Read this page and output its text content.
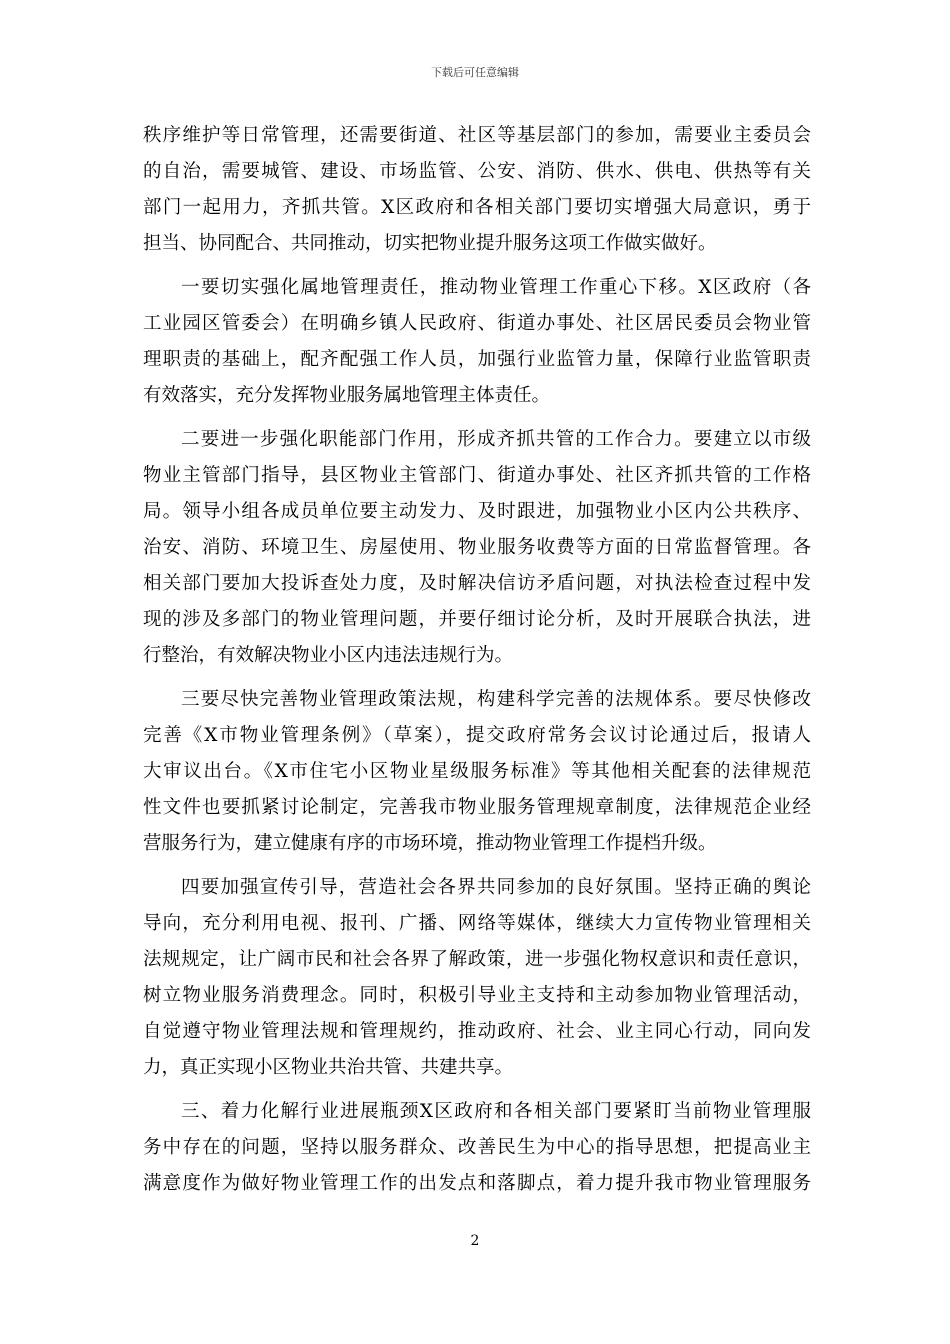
下载后可任意编辑
秩序维护等日常管理，还需要街道、社区等基层部门的参加，需要业主委员会
的自治，需要城管、建设、市场监管、公安、消防、供水、供电、供热等有关
部门一起用力，齐抓共管。X区政府和各相关部门要切实增强大局意识，勇于
担当、协同配合、共同推动，切实把物业提升服务这项工作做实做好。
一要切实强化属地管理责任，推动物业管理工作重心下移。X区政府（各
工业园区管委会）在明确乡镇人民政府、街道办事处、社区居民委员会物业管
理职责的基础上，配齐配强工作人员，加强行业监管力量，保障行业监管职责
有效落实，充分发挥物业服务属地管理主体责任。
二要进一步强化职能部门作用，形成齐抓共管的工作合力。要建立以市级
物业主管部门指导，县区物业主管部门、街道办事处、社区齐抓共管的工作格
局。领导小组各成员单位要主动发力、及时跟进，加强物业小区内公共秩序、
治安、消防、环境卫生、房屋使用、物业服务收费等方面的日常监督管理。各
相关部门要加大投诉查处力度，及时解决信访矛盾问题，对执法检查过程中发
现的涉及多部门的物业管理问题，并要仔细讨论分析，及时开展联合执法，进
行整治，有效解决物业小区内违法违规行为。
三要尽快完善物业管理政策法规，构建科学完善的法规体系。要尽快修改
完善《X市物业管理条例》（草案），提交政府常务会议讨论通过后，报请人
大审议出台。《X市住宅小区物业星级服务标准》等其他相关配套的法律规范
性文件也要抓紧讨论制定，完善我市物业服务管理规章制度，法律规范企业经
营服务行为，建立健康有序的市场环境，推动物业管理工作提档升级。
四要加强宣传引导，营造社会各界共同参加的良好氛围。坚持正确的舆论
导向，充分利用电视、报刊、广播、网络等媒体，继续大力宣传物业管理相关
法规规定，让广阔市民和社会各界了解政策，进一步强化物权意识和责任意识，
树立物业服务消费理念。同时，积极引导业主支持和主动参加物业管理活动，
自觉遵守物业管理法规和管理规约，推动政府、社会、业主同心行动，同向发
力，真正实现小区物业共治共管、共建共享。
三、着力化解行业进展瓶颈X区政府和各相关部门要紧盯当前物业管理服
务中存在的问题，坚持以服务群众、改善民生为中心的指导思想，把提高业主
满意度作为做好物业管理工作的出发点和落脚点，着力提升我市物业管理服务
2
